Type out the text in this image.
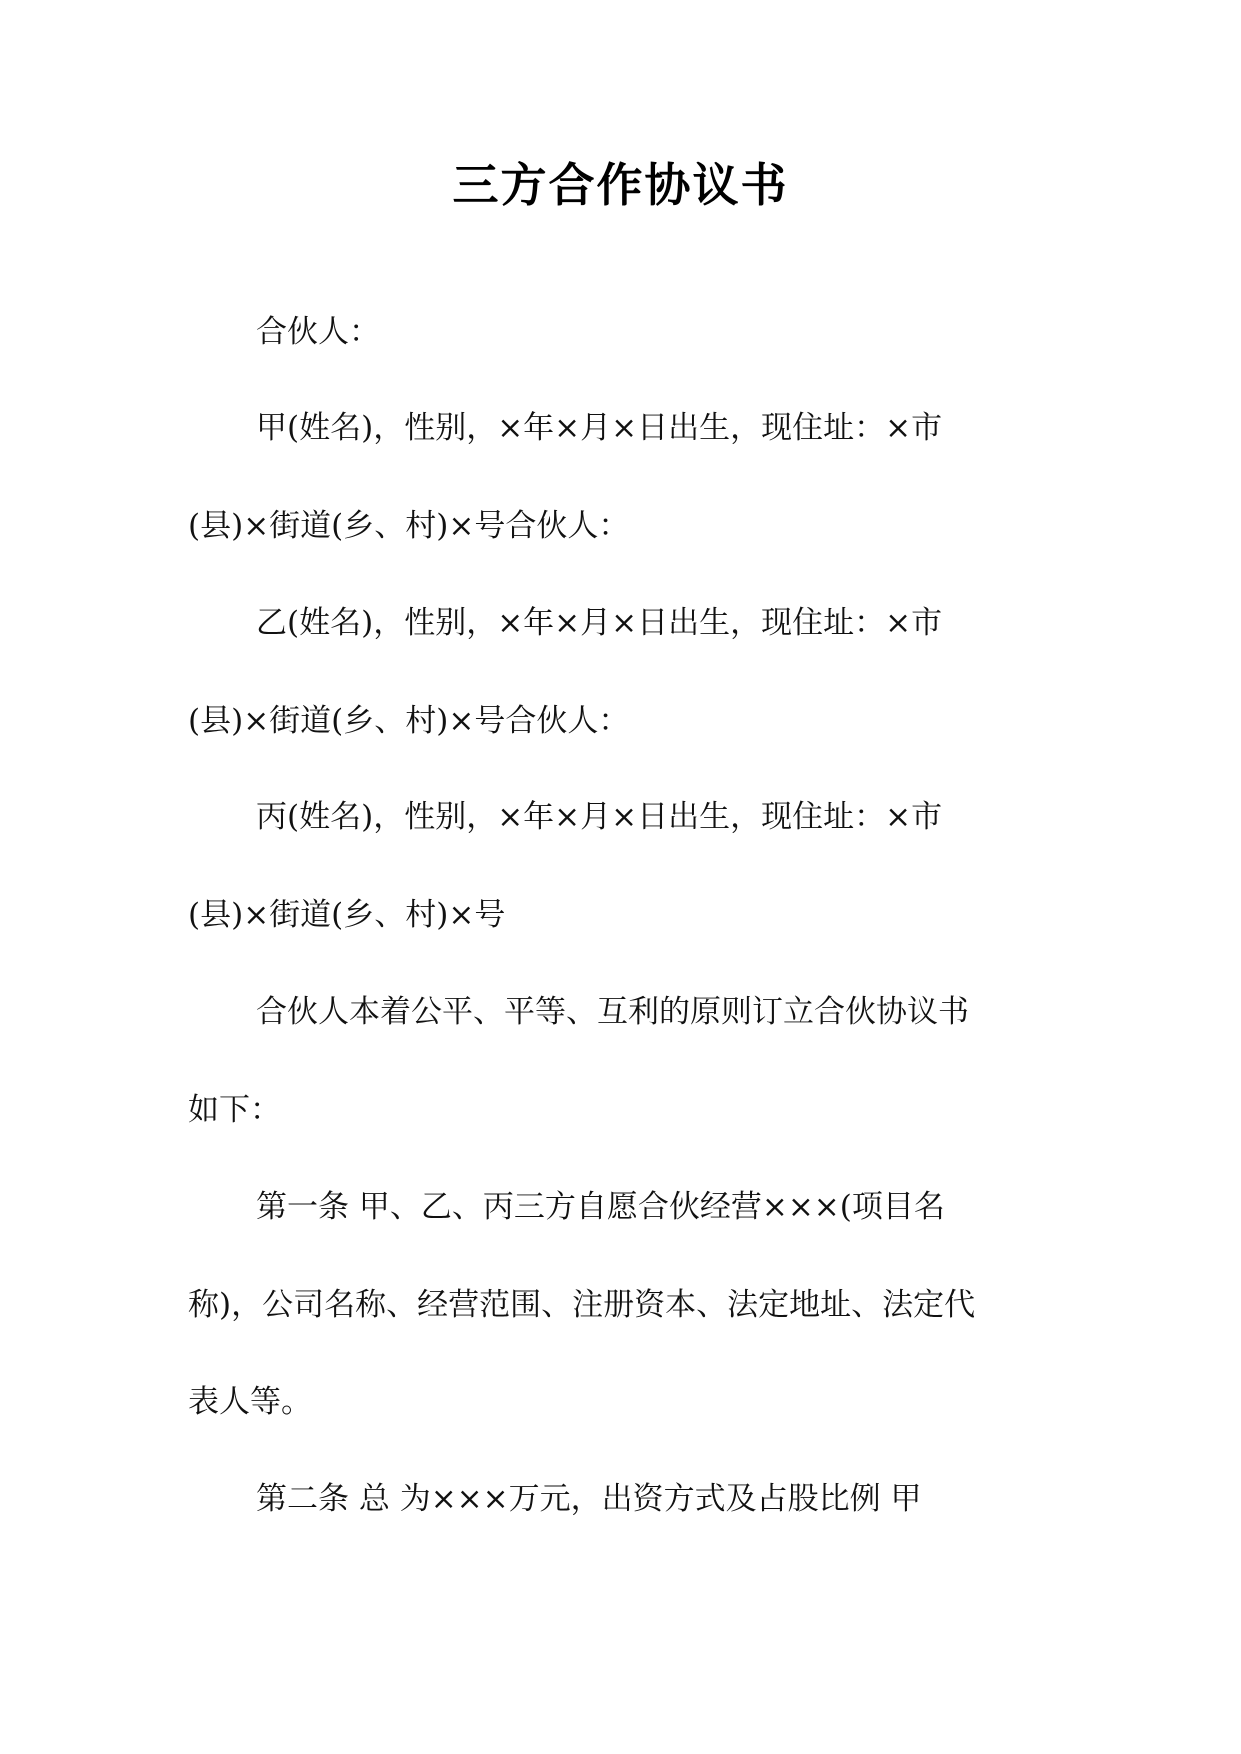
三方合作协议书
合伙人：
甲(姓名)，性别，×年×月×日出生，现住址：×市
(县)×街道(乡、村)×号合伙人：
乙(姓名)，性别，×年×月×日出生，现住址：×市
(县)×街道(乡、村)×号合伙人：
丙(姓名)，性别，×年×月×日出生，现住址：×市
(县)×街道(乡、村)×号
合伙人本着公平、平等、互利的原则订立合伙协议书
如下：
第一条 甲、乙、丙三方自愿合伙经营×××(项目名
称)，公司名称、经营范围、注册资本、法定地址、法定代
表人等。
第二条 总 为×××万元，出资方式及占股比例 甲
